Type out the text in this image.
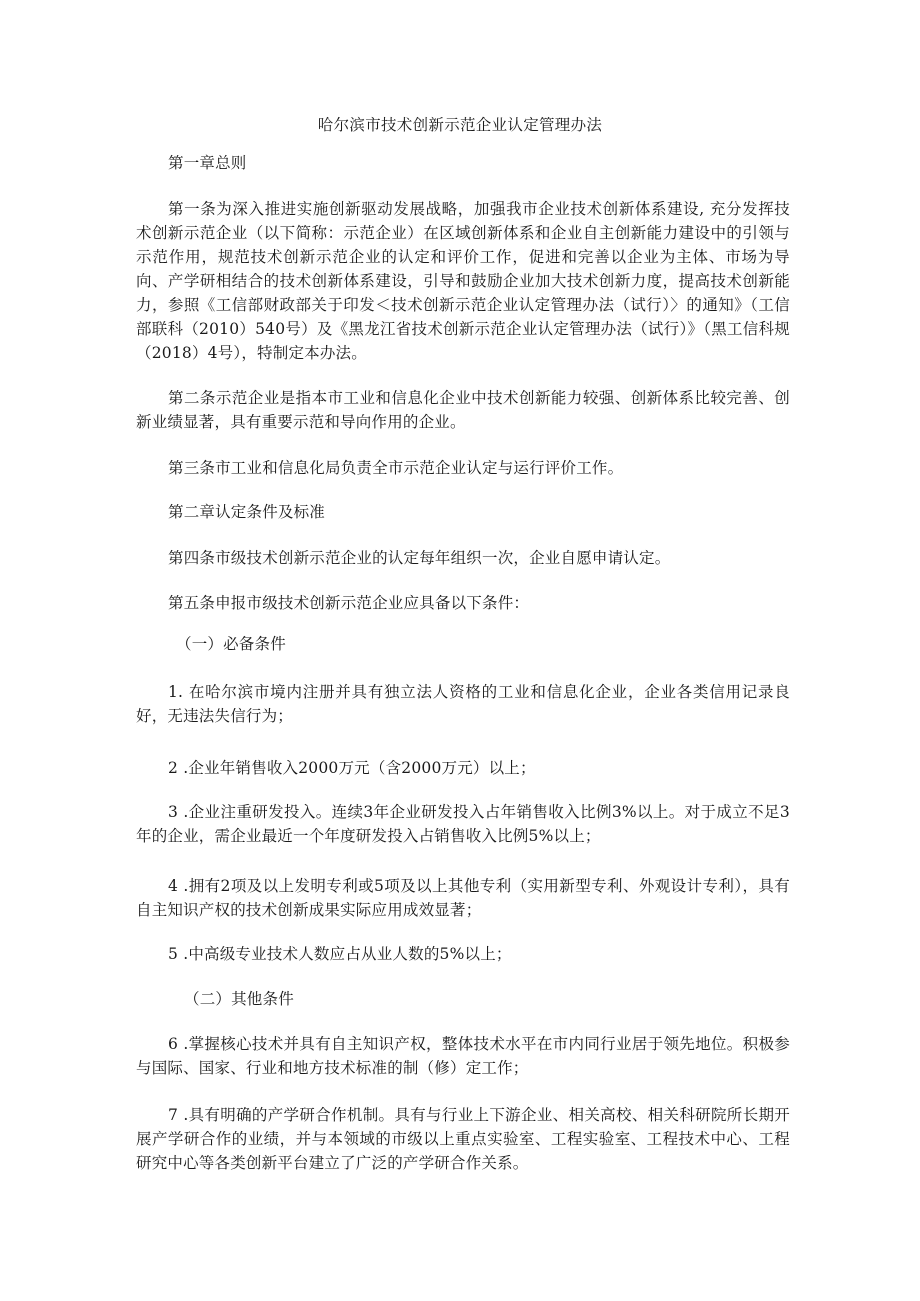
哈尔滨市技术创新示范企业认定管理办法
第一章总则
第一条为深入推进实施创新驱动发展战略，加强我市企业技术创新体系建设, 充分发挥技术创新示范企业（以下简称：示范企业）在区域创新体系和企业自主创新能力建设中的引领与示范作用，规范技术创新示范企业的认定和评价工作，促进和完善以企业为主体、市场为导向、产学研相结合的技术创新体系建设，引导和鼓励企业加大技术创新力度，提高技术创新能力，参照《工信部财政部关于印发＜技术创新示范企业认定管理办法（试行）〉的通知》（工信部联科（2010）540号）及《黑龙江省技术创新示范企业认定管理办法（试行）》（黑工信科规（2018）4号），特制定本办法。
第二条示范企业是指本市工业和信息化企业中技术创新能力较强、创新体系比较完善、创新业绩显著，具有重要示范和导向作用的企业。
第三条市工业和信息化局负责全市示范企业认定与运行评价工作。
第二章认定条件及标准
第四条市级技术创新示范企业的认定每年组织一次，企业自愿申请认定。
第五条申报市级技术创新示范企业应具备以下条件：
（一）必备条件
1. 在哈尔滨市境内注册并具有独立法人资格的工业和信息化企业，企业各类信用记录良好，无违法失信行为；
2 .企业年销售收入2000万元（含2000万元）以上；
3 .企业注重研发投入。连续3年企业研发投入占年销售收入比例3%以上。对于成立不足3年的企业，需企业最近一个年度研发投入占销售收入比例5%以上；
4 .拥有2项及以上发明专利或5项及以上其他专利（实用新型专利、外观设计专利），具有自主知识产权的技术创新成果实际应用成效显著；
5 .中高级专业技术人数应占从业人数的5%以上；
（二）其他条件
6 .掌握核心技术并具有自主知识产权，整体技术水平在市内同行业居于领先地位。积极参与国际、国家、行业和地方技术标准的制（修）定工作；
7 .具有明确的产学研合作机制。具有与行业上下游企业、相关高校、相关科研院所长期开展产学研合作的业绩，并与本领域的市级以上重点实验室、工程实验室、工程技术中心、工程研究中心等各类创新平台建立了广泛的产学研合作关系。
